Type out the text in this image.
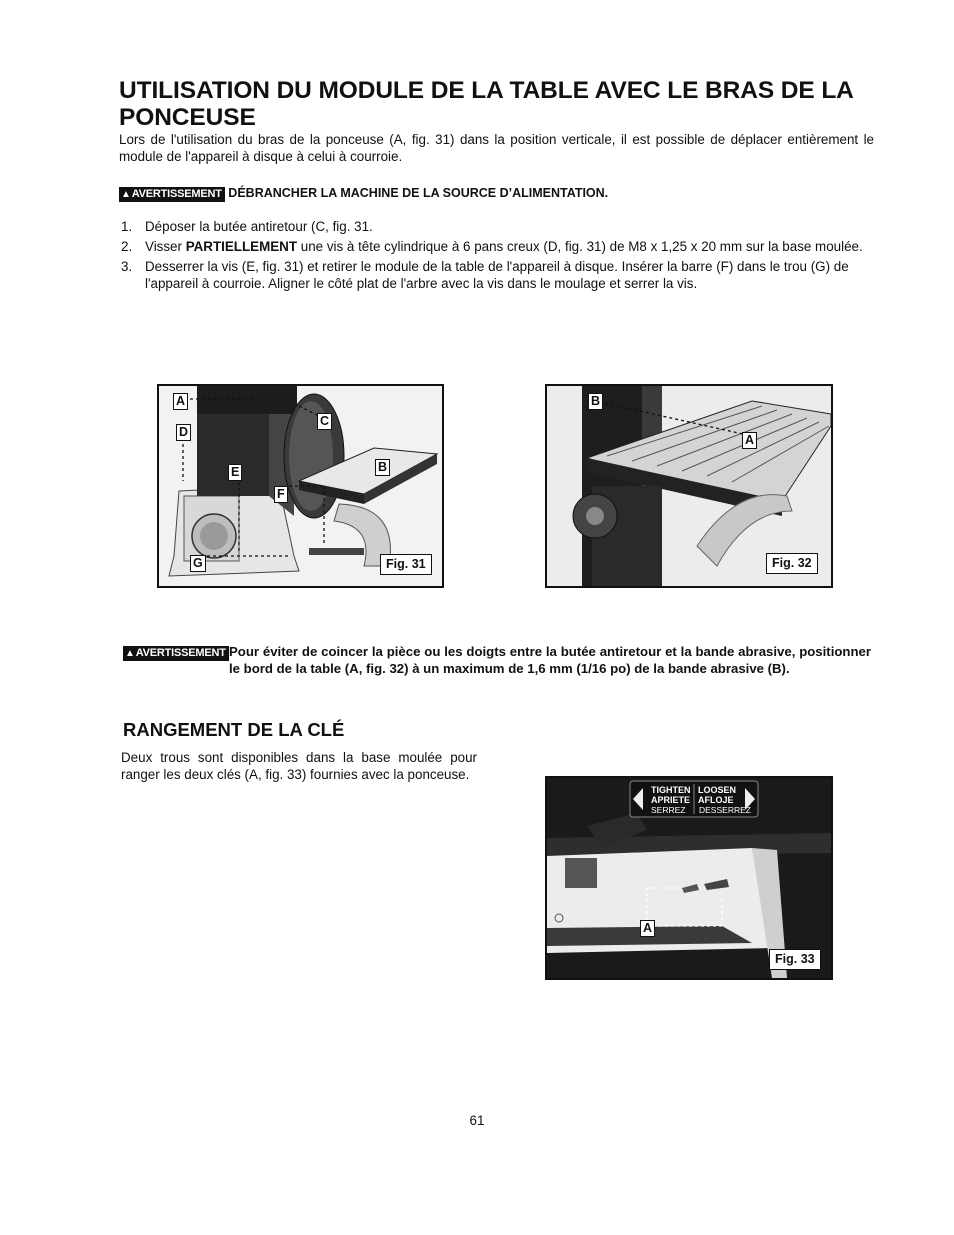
UTILISATION DU MODULE DE LA TABLE AVEC LE BRAS DE LA PONCEUSE
Lors de l'utilisation du bras de la ponceuse (A, fig. 31) dans la position verticale, il est possible de déplacer entièrement le module de l'appareil à disque à celui à courroie.
▲AVERTISSEMENT DÉBRANCHER LA MACHINE DE LA SOURCE D’ALIMENTATION.
1. Déposer la butée antiretour (C, fig. 31.
2. Visser PARTIELLEMENT une vis à tête cylindrique à 6 pans creux (D, fig. 31) de M8 x 1,25 x 20 mm sur la base moulée.
3. Desserrer la vis (E, fig. 31) et retirer le module de la table de l'appareil à disque. Insérer la barre (F) dans le trou (G) de l'appareil à courroie. Aligner le côté plat de l'arbre avec la vis dans le moulage et serrer la vis.
A
D
C
E	B
F
G	Fig. 31
B
A
Fig. 32
▲AVERTISSEMENT Pour éviter de coincer la pièce ou les doigts entre la butée antiretour et la bande abrasive, positionner le bord de la table (A, fig. 32) à un maximum de 1,6 mm (1/16 po) de la bande abrasive (B).
RANGEMENT DE LA CLÉ
Deux trous sont disponibles dans la base moulée pour ranger les deux clés (A, fig. 33) fournies avec la ponceuse.
TIGHTEN
APRIETE
LOOSEN
AFLOJE
SERREZ DESSERREZ
A
Fig. 33
61
